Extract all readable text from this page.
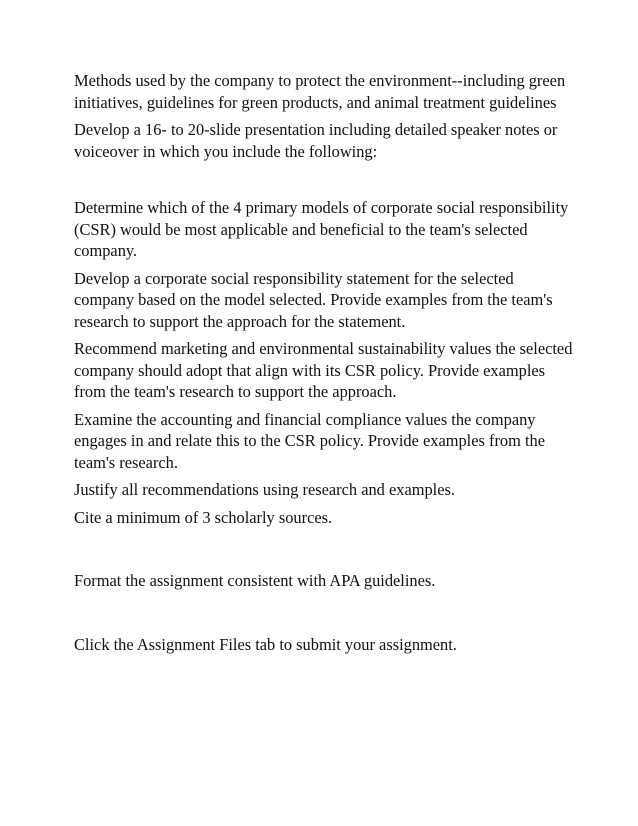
Methods used by the company to protect the environment--including green initiatives, guidelines for green products, and animal treatment guidelines

Develop a 16- to 20-slide presentation including detailed speaker notes or voiceover in which you include the following:

Determine which of the 4 primary models of corporate social responsibility (CSR) would be most applicable and beneficial to the team's selected company.

Develop a corporate social responsibility statement for the selected company based on the model selected. Provide examples from the team's research to support the approach for the statement.

Recommend marketing and environmental sustainability values the selected company should adopt that align with its CSR policy. Provide examples from the team's research to support the approach.

Examine the accounting and financial compliance values the company engages in and relate this to the CSR policy. Provide examples from the team's research.

Justify all recommendations using research and examples.

Cite a minimum of 3 scholarly sources.

Format the assignment consistent with APA guidelines.

Click the Assignment Files tab to submit your assignment.
